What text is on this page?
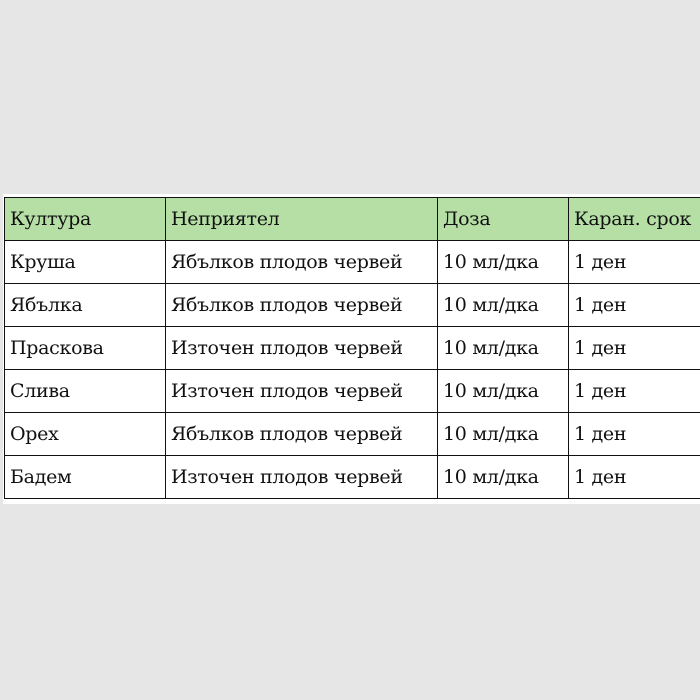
Култура	Неприятел	Доза	Каран. срок
Круша	Ябълков плодов червей	10 мл/дка	1 ден
Ябълка	Ябълков плодов червей	10 мл/дка	1 ден
Праскова	Източен плодов червей	10 мл/дка	1 ден
Слива	Източен плодов червей	10 мл/дка	1 ден
Орех	Ябълков плодов червей	10 мл/дка	1 ден
Бадем	Източен плодов червей	10 мл/дка	1 ден
